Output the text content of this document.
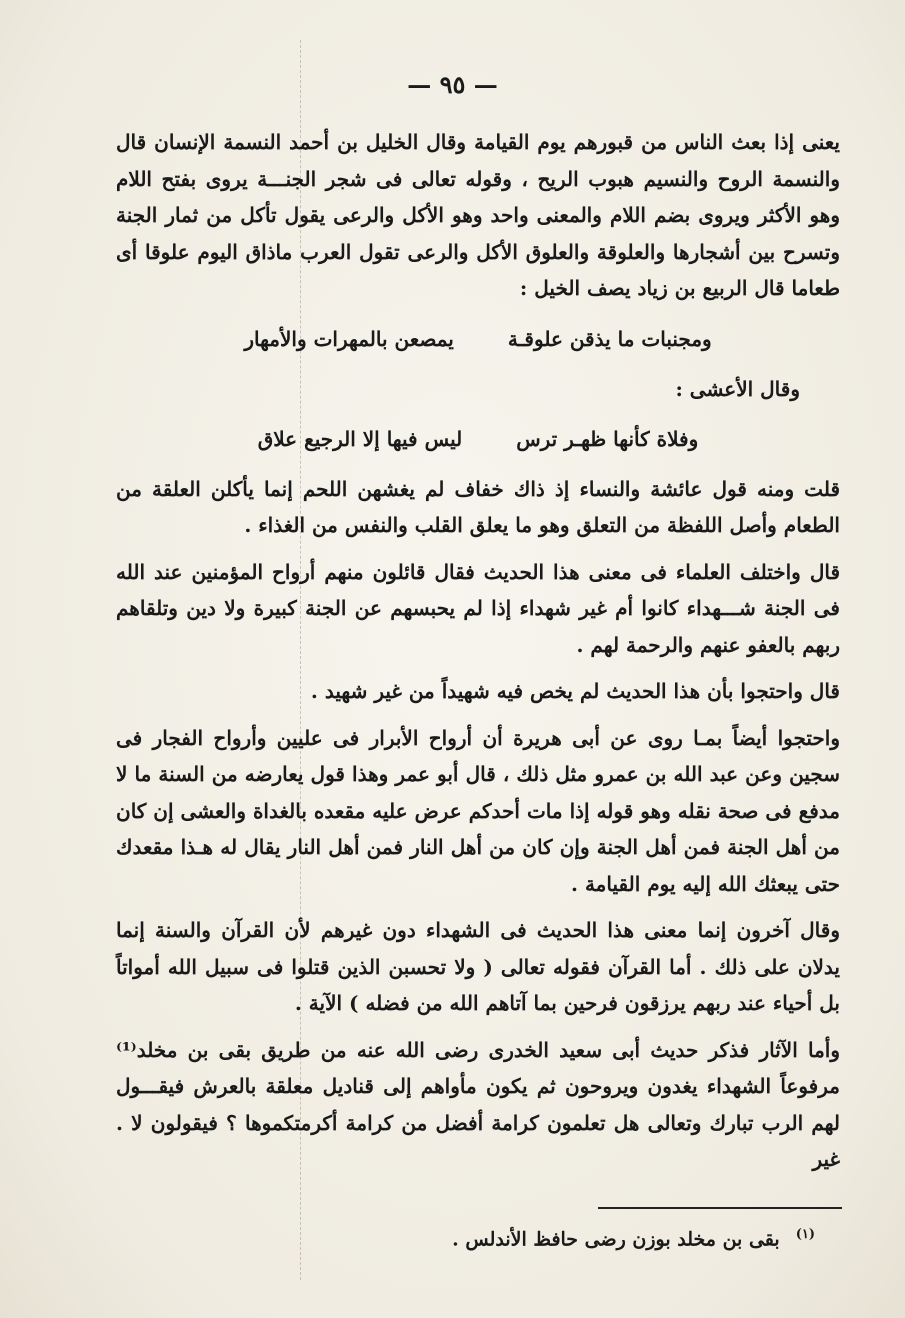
— ٩٥ —

يعنى إذا بعث الناس من قبورهم يوم القيامة وقال الخليل بن أحمد النسمة الإنسان قال والنسمة الروح والنسيم هبوب الريح ، وقوله تعالى فى شجر الجنـــة يروى بفتح اللام وهو الأكثر ويروى بضم اللام والمعنى واحد وهو الأكل والرعى يقول تأكل من ثمار الجنة وتسرح بين أشجارها والعلوقة والعلوق الأكل والرعى تقول العرب ماذاق اليوم علوقا أى طعاما قال الربيع بن زياد يصف الخيل :

ومجنبات ما يذقن علوقـة
يمصعن بالمهرات والأمهار
وقال الأعشى :
وفلاة كأنها ظهـر ترس
ليس فيها إلا الرجيع علاق

قلت ومنه قول عائشة والنساء إذ ذاك خفاف لم يغشهن اللحم إنما يأكلن العلقة من الطعام وأصل اللفظة من التعلق وهو ما يعلق القلب والنفس من الغذاء .

قال واختلف العلماء فى معنى هذا الحديث فقال قائلون منهم أرواح المؤمنين عند الله فى الجنة شـــهداء كانوا أم غير شهداء إذا لم يحبسهم عن الجنة كبيرة ولا دين وتلقاهم ربهم بالعفو عنهم والرحمة لهم .

قال واحتجوا بأن هذا الحديث لم يخص فيه شهيداً من غير شهيد .

واحتجوا أيضاً بمـا روى عن أبى هريرة أن أرواح الأبرار فى عليين وأرواح الفجار فى سجين وعن عبد الله بن عمرو مثل ذلك ، قال أبو عمر وهذا قول يعارضه من السنة ما لا مدفع فى صحة نقله وهو قوله إذا مات أحدكم عرض عليه مقعده بالغداة والعشى إن كان من أهل الجنة فمن أهل الجنة وإن كان من أهل النار فمن أهل النار يقال له هـذا مقعدك حتى يبعثك الله إليه يوم القيامة .

وقال آخرون إنما معنى هذا الحديث فى الشهداء دون غيرهم لأن القرآن والسنة إنما يدلان على ذلك . أما القرآن فقوله تعالى ( ولا تحسبن الذين قتلوا فى سبيل الله أمواتاً بل أحياء عند ربهم يرزقون فرحين بما آتاهم الله من فضله ) الآية .

وأما الآثار فذكر حديث أبى سعيد الخدرى رضى الله عنه من طريق بقى بن مخلد⁽¹⁾ مرفوعاً الشهداء يغدون ويروحون ثم يكون مأواهم إلى قناديل معلقة بالعرش فيقـــول لهم الرب تبارك وتعالى هل تعلمون كرامة أفضل من كرامة أكرمتكموها ؟ فيقولون لا . غير

$^{(١)}$بقى بن مخلد بوزن رضى حافظ الأندلس .
